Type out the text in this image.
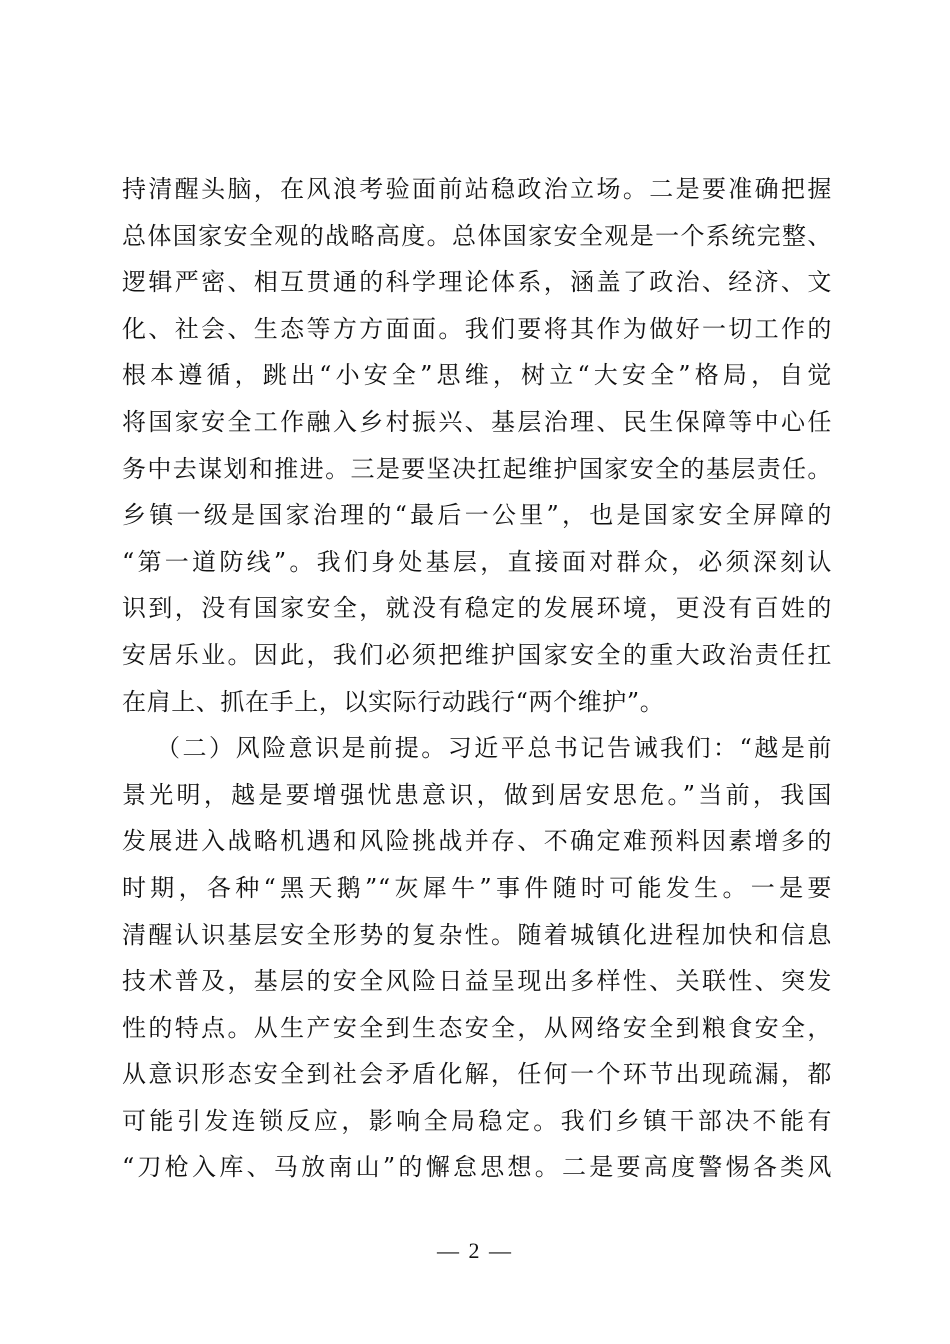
持清醒头脑，在风浪考验面前站稳政治立场。二是要准确把握
总体国家安全观的战略高度。总体国家安全观是一个系统完整、
逻辑严密、相互贯通的科学理论体系，涵盖了政治、经济、文
化、社会、生态等方方面面。我们要将其作为做好一切工作的
根本遵循，跳出“小安全”思维，树立“大安全”格局，自觉
将国家安全工作融入乡村振兴、基层治理、民生保障等中心任
务中去谋划和推进。三是要坚决扛起维护国家安全的基层责任。
乡镇一级是国家治理的“最后一公里”，也是国家安全屏障的
“第一道防线”。我们身处基层，直接面对群众，必须深刻认
识到，没有国家安全，就没有稳定的发展环境，更没有百姓的
安居乐业。因此，我们必须把维护国家安全的重大政治责任扛
在肩上、抓在手上，以实际行动践行“两个维护”。
（二）风险意识是前提。习近平总书记告诫我们：“越是前
景光明，越是要增强忧患意识，做到居安思危。”当前，我国
发展进入战略机遇和风险挑战并存、不确定难预料因素增多的
时期，各种“黑天鹅”“灰犀牛”事件随时可能发生。一是要
清醒认识基层安全形势的复杂性。随着城镇化进程加快和信息
技术普及，基层的安全风险日益呈现出多样性、关联性、突发
性的特点。从生产安全到生态安全，从网络安全到粮食安全，
从意识形态安全到社会矛盾化解，任何一个环节出现疏漏，都
可能引发连锁反应，影响全局稳定。我们乡镇干部决不能有
“刀枪入库、马放南山”的懈怠思想。二是要高度警惕各类风
— 2 —
